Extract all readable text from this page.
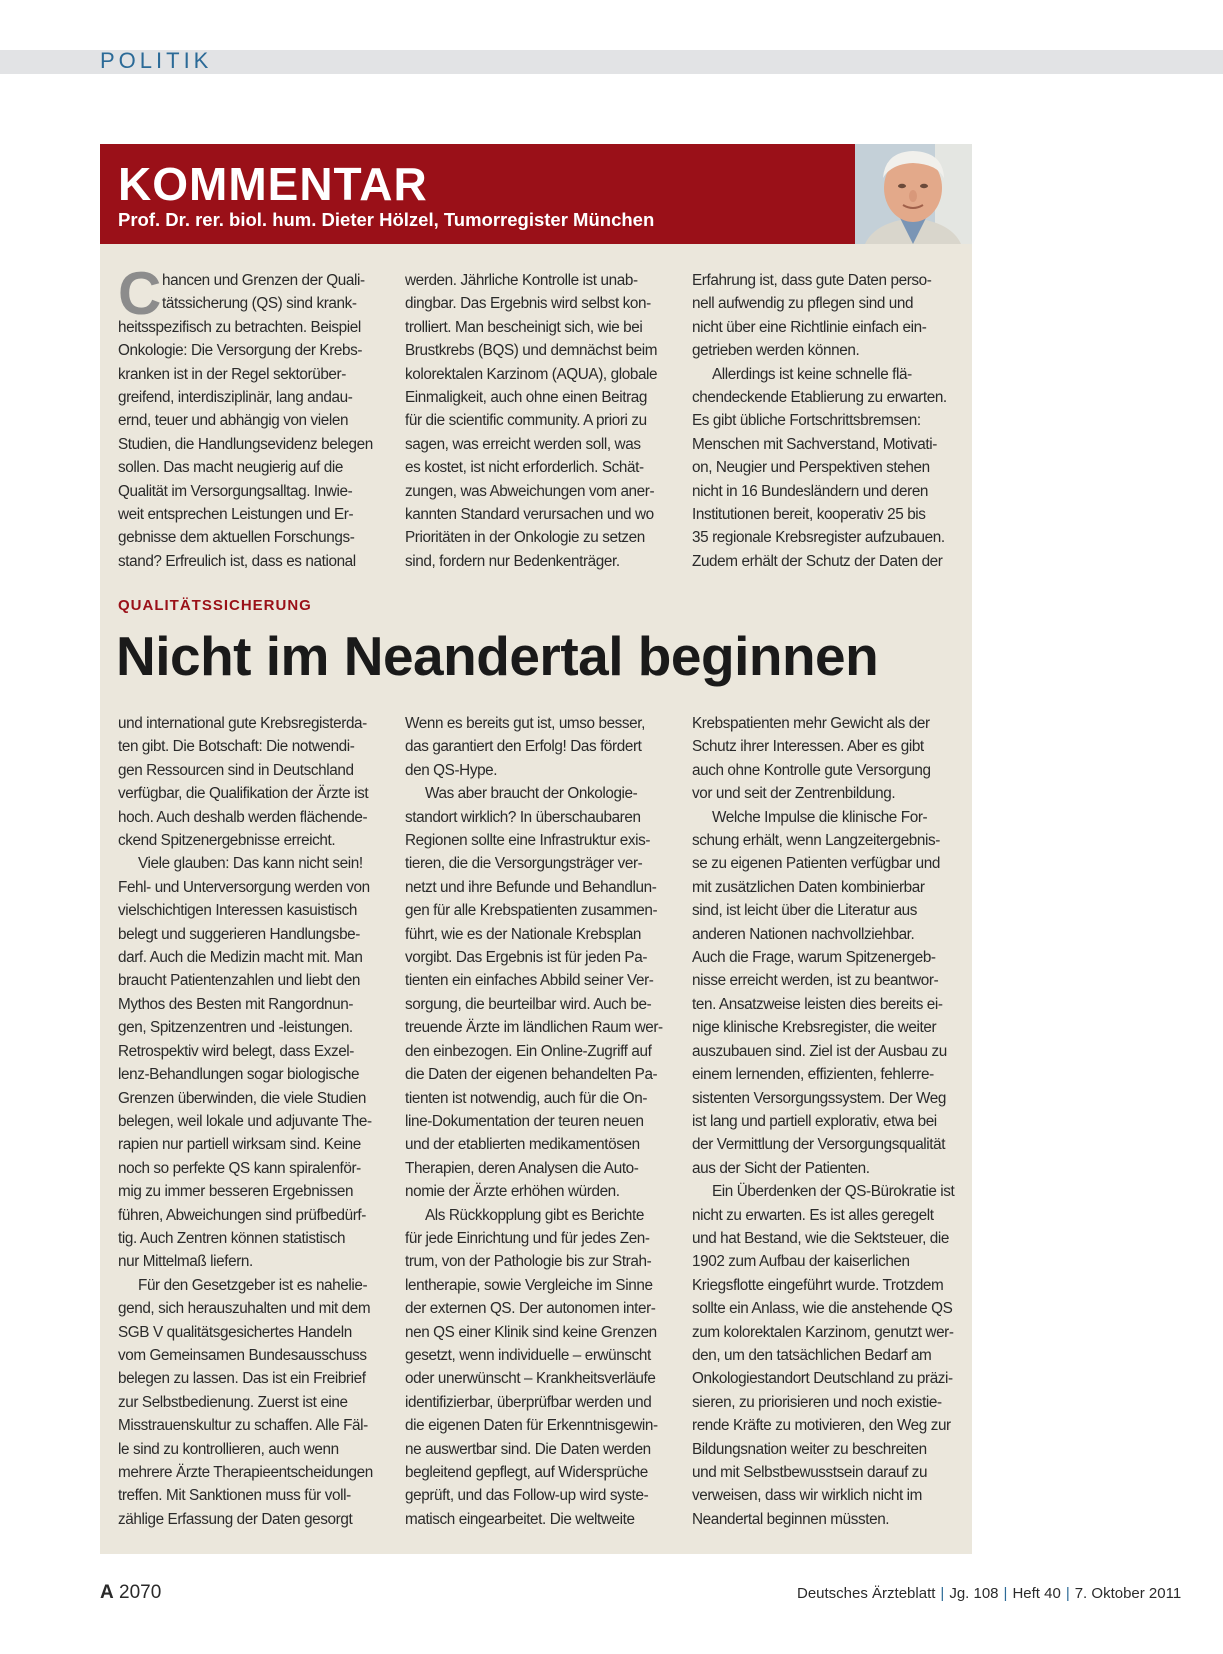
POLITIK
KOMMENTAR

Prof. Dr. rer. biol. hum. Dieter Hölzel, Tumorregister München

C hancen und Grenzen der Quali-
tätssicherung (QS) sind krank-
heitsspezifisch zu betrachten. Beispiel
Onkologie: Die Versorgung der Krebs-
kranken ist in der Regel sektorüber-
greifend, interdisziplinär, lang andau-
ernd, teuer und abhängig von vielen
Studien, die Handlungsevidenz belegen
sollen. Das macht neugierig auf die
Qualität im Versorgungsalltag. Inwie-
weit entsprechen Leistungen und Er-
gebnisse dem aktuellen Forschungs-
stand? Erfreulich ist, dass es national
werden. Jährliche Kontrolle ist unab-
dingbar. Das Ergebnis wird selbst kon-
trolliert. Man bescheinigt sich, wie bei
Brustkrebs (BQS) und demnächst beim
kolorektalen Karzinom (AQUA), globale
Einmaligkeit, auch ohne einen Beitrag
für die scientific community. A priori zu
sagen, was erreicht werden soll, was
es kostet, ist nicht erforderlich. Schät-
zungen, was Abweichungen vom aner-
kannten Standard verursachen und wo
Prioritäten in der Onkologie zu setzen
sind, fordern nur Bedenkenträger.
Erfahrung ist, dass gute Daten perso-
nell aufwendig zu pflegen sind und
nicht über eine Richtlinie einfach ein-
getrieben werden können.
Allerdings ist keine schnelle flä-
chendeckende Etablierung zu erwarten.
Es gibt übliche Fortschrittsbremsen:
Menschen mit Sachverstand, Motivati-
on, Neugier und Perspektiven stehen
nicht in 16 Bundesländern und deren
Institutionen bereit, kooperativ 25 bis
35 regionale Krebsregister aufzubauen.
Zudem erhält der Schutz der Daten der

QUALITÄTSSICHERUNG

Nicht im Neandertal beginnen
und international gute Krebsregisterda-
ten gibt. Die Botschaft: Die notwendi-
gen Ressourcen sind in Deutschland
verfügbar, die Qualifikation der Ärzte ist
hoch. Auch deshalb werden flächende-
ckend Spitzenergebnisse erreicht.
Viele glauben: Das kann nicht sein!
Fehl- und Unterversorgung werden von
vielschichtigen Interessen kasuistisch
belegt und suggerieren Handlungsbe-
darf. Auch die Medizin macht mit. Man
braucht Patientenzahlen und liebt den
Mythos des Besten mit Rangordnun-
gen, Spitzenzentren und -leistungen.
Retrospektiv wird belegt, dass Exzel-
lenz-Behandlungen sogar biologische
Grenzen überwinden, die viele Studien
belegen, weil lokale und adjuvante The-
rapien nur partiell wirksam sind. Keine
noch so perfekte QS kann spiralenför-
mig zu immer besseren Ergebnissen
führen, Abweichungen sind prüfbedürf-
tig. Auch Zentren können statistisch
nur Mittelmaß liefern.
Für den Gesetzgeber ist es nahelie-
gend, sich herauszuhalten und mit dem
SGB V qualitätsgesichertes Handeln
vom Gemeinsamen Bundesausschuss
belegen zu lassen. Das ist ein Freibrief
zur Selbstbedienung. Zuerst ist eine
Misstrauenskultur zu schaffen. Alle Fäl-
le sind zu kontrollieren, auch wenn
mehrere Ärzte Therapieentscheidungen
treffen. Mit Sanktionen muss für voll-
zählige Erfassung der Daten gesorgt
Wenn es bereits gut ist, umso besser,
das garantiert den Erfolg! Das fördert
den QS-Hype.
Was aber braucht der Onkologie-
standort wirklich? In überschaubaren
Regionen sollte eine Infrastruktur exis-
tieren, die die Versorgungsträger ver-
netzt und ihre Befunde und Behandlun-
gen für alle Krebspatienten zusammen-
führt, wie es der Nationale Krebsplan
vorgibt. Das Ergebnis ist für jeden Pa-
tienten ein einfaches Abbild seiner Ver-
sorgung, die beurteilbar wird. Auch be-
treuende Ärzte im ländlichen Raum wer-
den einbezogen. Ein Online-Zugriff auf
die Daten der eigenen behandelten Pa-
tienten ist notwendig, auch für die On-
line-Dokumentation der teuren neuen
und der etablierten medikamentösen
Therapien, deren Analysen die Auto-
nomie der Ärzte erhöhen würden.
Als Rückkopplung gibt es Berichte
für jede Einrichtung und für jedes Zen-
trum, von der Pathologie bis zur Strah-
lentherapie, sowie Vergleiche im Sinne
der externen QS. Der autonomen inter-
nen QS einer Klinik sind keine Grenzen
gesetzt, wenn individuelle – erwünscht
oder unerwünscht – Krankheitsverläufe
identifizierbar, überprüfbar werden und
die eigenen Daten für Erkenntnisgewin-
ne auswertbar sind. Die Daten werden
begleitend gepflegt, auf Widersprüche
geprüft, und das Follow-up wird syste-
matisch eingearbeitet. Die weltweite
Krebspatienten mehr Gewicht als der
Schutz ihrer Interessen. Aber es gibt
auch ohne Kontrolle gute Versorgung
vor und seit der Zentrenbildung.
Welche Impulse die klinische For-
schung erhält, wenn Langzeitergebnis-
se zu eigenen Patienten verfügbar und
mit zusätzlichen Daten kombinierbar
sind, ist leicht über die Literatur aus
anderen Nationen nachvollziehbar.
Auch die Frage, warum Spitzenergeb-
nisse erreicht werden, ist zu beantwor-
ten. Ansatzweise leisten dies bereits ei-
nige klinische Krebsregister, die weiter
auszubauen sind. Ziel ist der Ausbau zu
einem lernenden, effizienten, fehlerre-
sistenten Versorgungssystem. Der Weg
ist lang und partiell explorativ, etwa bei
der Vermittlung der Versorgungsqualität
aus der Sicht der Patienten.
Ein Überdenken der QS-Bürokratie ist
nicht zu erwarten. Es ist alles geregelt
und hat Bestand, wie die Sektsteuer, die
1902 zum Aufbau der kaiserlichen
Kriegsflotte eingeführt wurde. Trotzdem
sollte ein Anlass, wie die anstehende QS
zum kolorektalen Karzinom, genutzt wer-
den, um den tatsächlichen Bedarf am
Onkologiestandort Deutschland zu präzi-
sieren, zu priorisieren und noch existie-
rende Kräfte zu motivieren, den Weg zur
Bildungsnation weiter zu beschreiten
und mit Selbstbewusstsein darauf zu
verweisen, dass wir wirklich nicht im
Neandertal beginnen müssten.
A 2070	Deutsches Ärzteblatt | Jg. 108 | Heft 40 | 7. Oktober 2011
